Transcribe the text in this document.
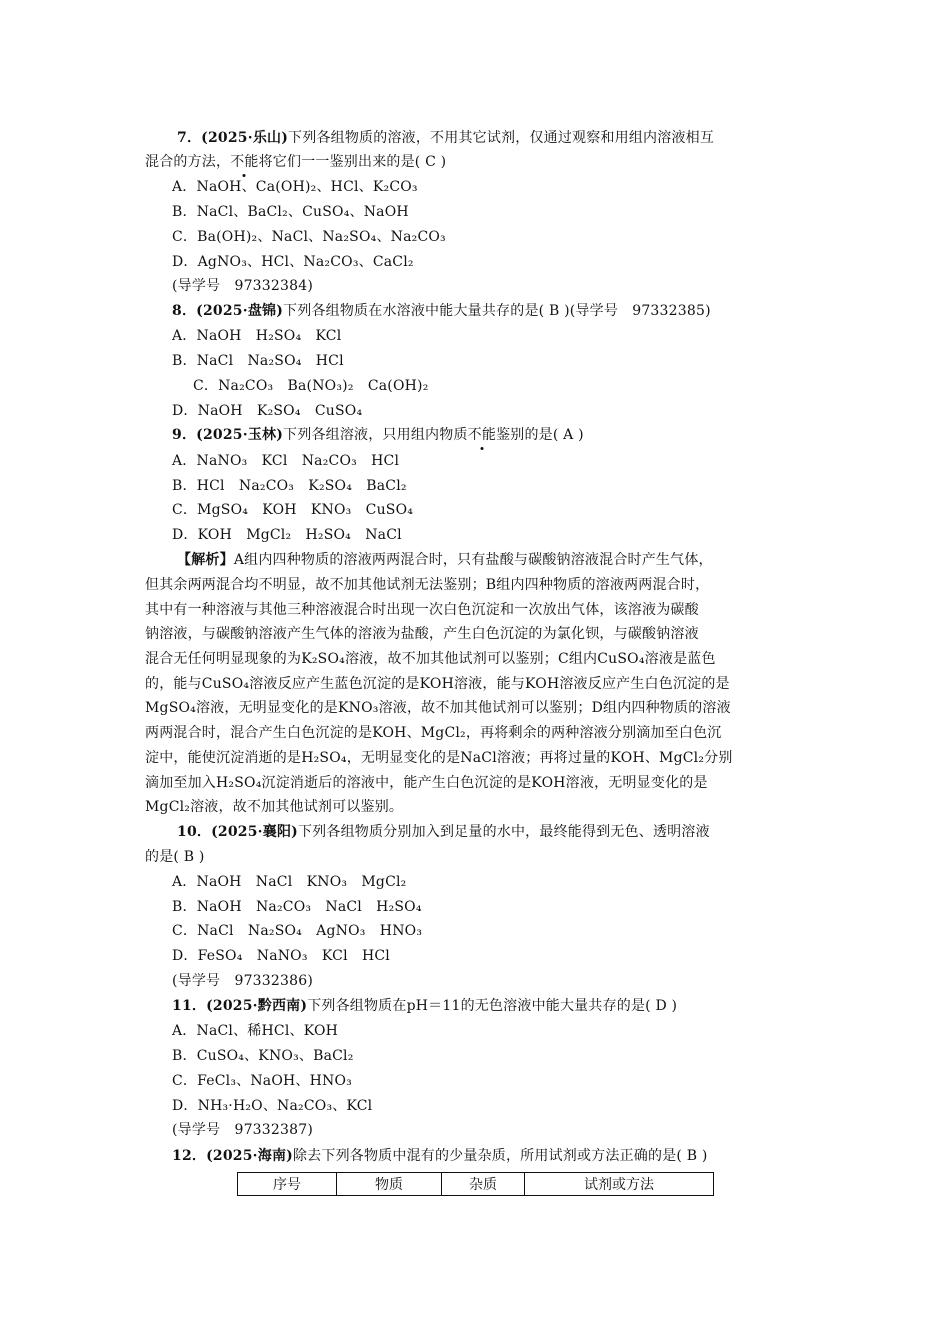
7．(2025·乐山)下列各组物质的溶液，不用其它试剂，仅通过观察和用组内溶液相互
混合的方法，不能将它们一一鉴别出来的是( C )
A．NaOH、Ca(OH)₂、HCl、K₂CO₃
B．NaCl、BaCl₂、CuSO₄、NaOH
C．Ba(OH)₂、NaCl、Na₂SO₄、Na₂CO₃
D．AgNO₃、HCl、Na₂CO₃、CaCl₂
(导学号　97332384)
8．(2025·盘锦)下列各组物质在水溶液中能大量共存的是( B )(导学号　97332385)
A．NaOH　H₂SO₄　KCl
B．NaCl　Na₂SO₄　HCl
C．Na₂CO₃　Ba(NO₃)₂　Ca(OH)₂
D．NaOH　K₂SO₄　CuSO₄
9．(2025·玉林)下列各组溶液，只用组内物质不能鉴别的是( A )
A．NaNO₃　KCl　Na₂CO₃　HCl
B．HCl　Na₂CO₃　K₂SO₄　BaCl₂
C．MgSO₄　KOH　KNO₃　CuSO₄
D．KOH　MgCl₂　H₂SO₄　NaCl
【解析】A组内四种物质的溶液两两混合时，只有盐酸与碳酸钠溶液混合时产生气体，
但其余两两混合均不明显，故不加其他试剂无法鉴别；B组内四种物质的溶液两两混合时，
其中有一种溶液与其他三种溶液混合时出现一次白色沉淀和一次放出气体，该溶液为碳酸
钠溶液，与碳酸钠溶液产生气体的溶液为盐酸，产生白色沉淀的为氯化钡，与碳酸钠溶液
混合无任何明显现象的为K₂SO₄溶液，故不加其他试剂可以鉴别；C组内CuSO₄溶液是蓝色
的，能与CuSO₄溶液反应产生蓝色沉淀的是KOH溶液，能与KOH溶液反应产生白色沉淀的是
MgSO₄溶液，无明显变化的是KNO₃溶液，故不加其他试剂可以鉴别；D组内四种物质的溶液
两两混合时，混合产生白色沉淀的是KOH、MgCl₂，再将剩余的两种溶液分别滴加至白色沉
淀中，能使沉淀消逝的是H₂SO₄，无明显变化的是NaCl溶液；再将过量的KOH、MgCl₂分别
滴加至加入H₂SO₄沉淀消逝后的溶液中，能产生白色沉淀的是KOH溶液，无明显变化的是
MgCl₂溶液，故不加其他试剂可以鉴别。
10．(2025·襄阳)下列各组物质分别加入到足量的水中，最终能得到无色、透明溶液
的是( B )
A．NaOH　NaCl　KNO₃　MgCl₂
B．NaOH　Na₂CO₃　NaCl　H₂SO₄
C．NaCl　Na₂SO₄　AgNO₃　HNO₃
D．FeSO₄　NaNO₃　KCl　HCl
(导学号　97332386)
11．(2025·黔西南)下列各组物质在pH＝11的无色溶液中能大量共存的是( D )
A．NaCl、稀HCl、KOH
B．CuSO₄、KNO₃、BaCl₂
C．FeCl₃、NaOH、HNO₃
D．NH₃·H₂O、Na₂CO₃、KCl
(导学号　97332387)
12．(2025·海南)除去下列各物质中混有的少量杂质，所用试剂或方法正确的是( B )
序号	物质	杂质	试剂或方法
